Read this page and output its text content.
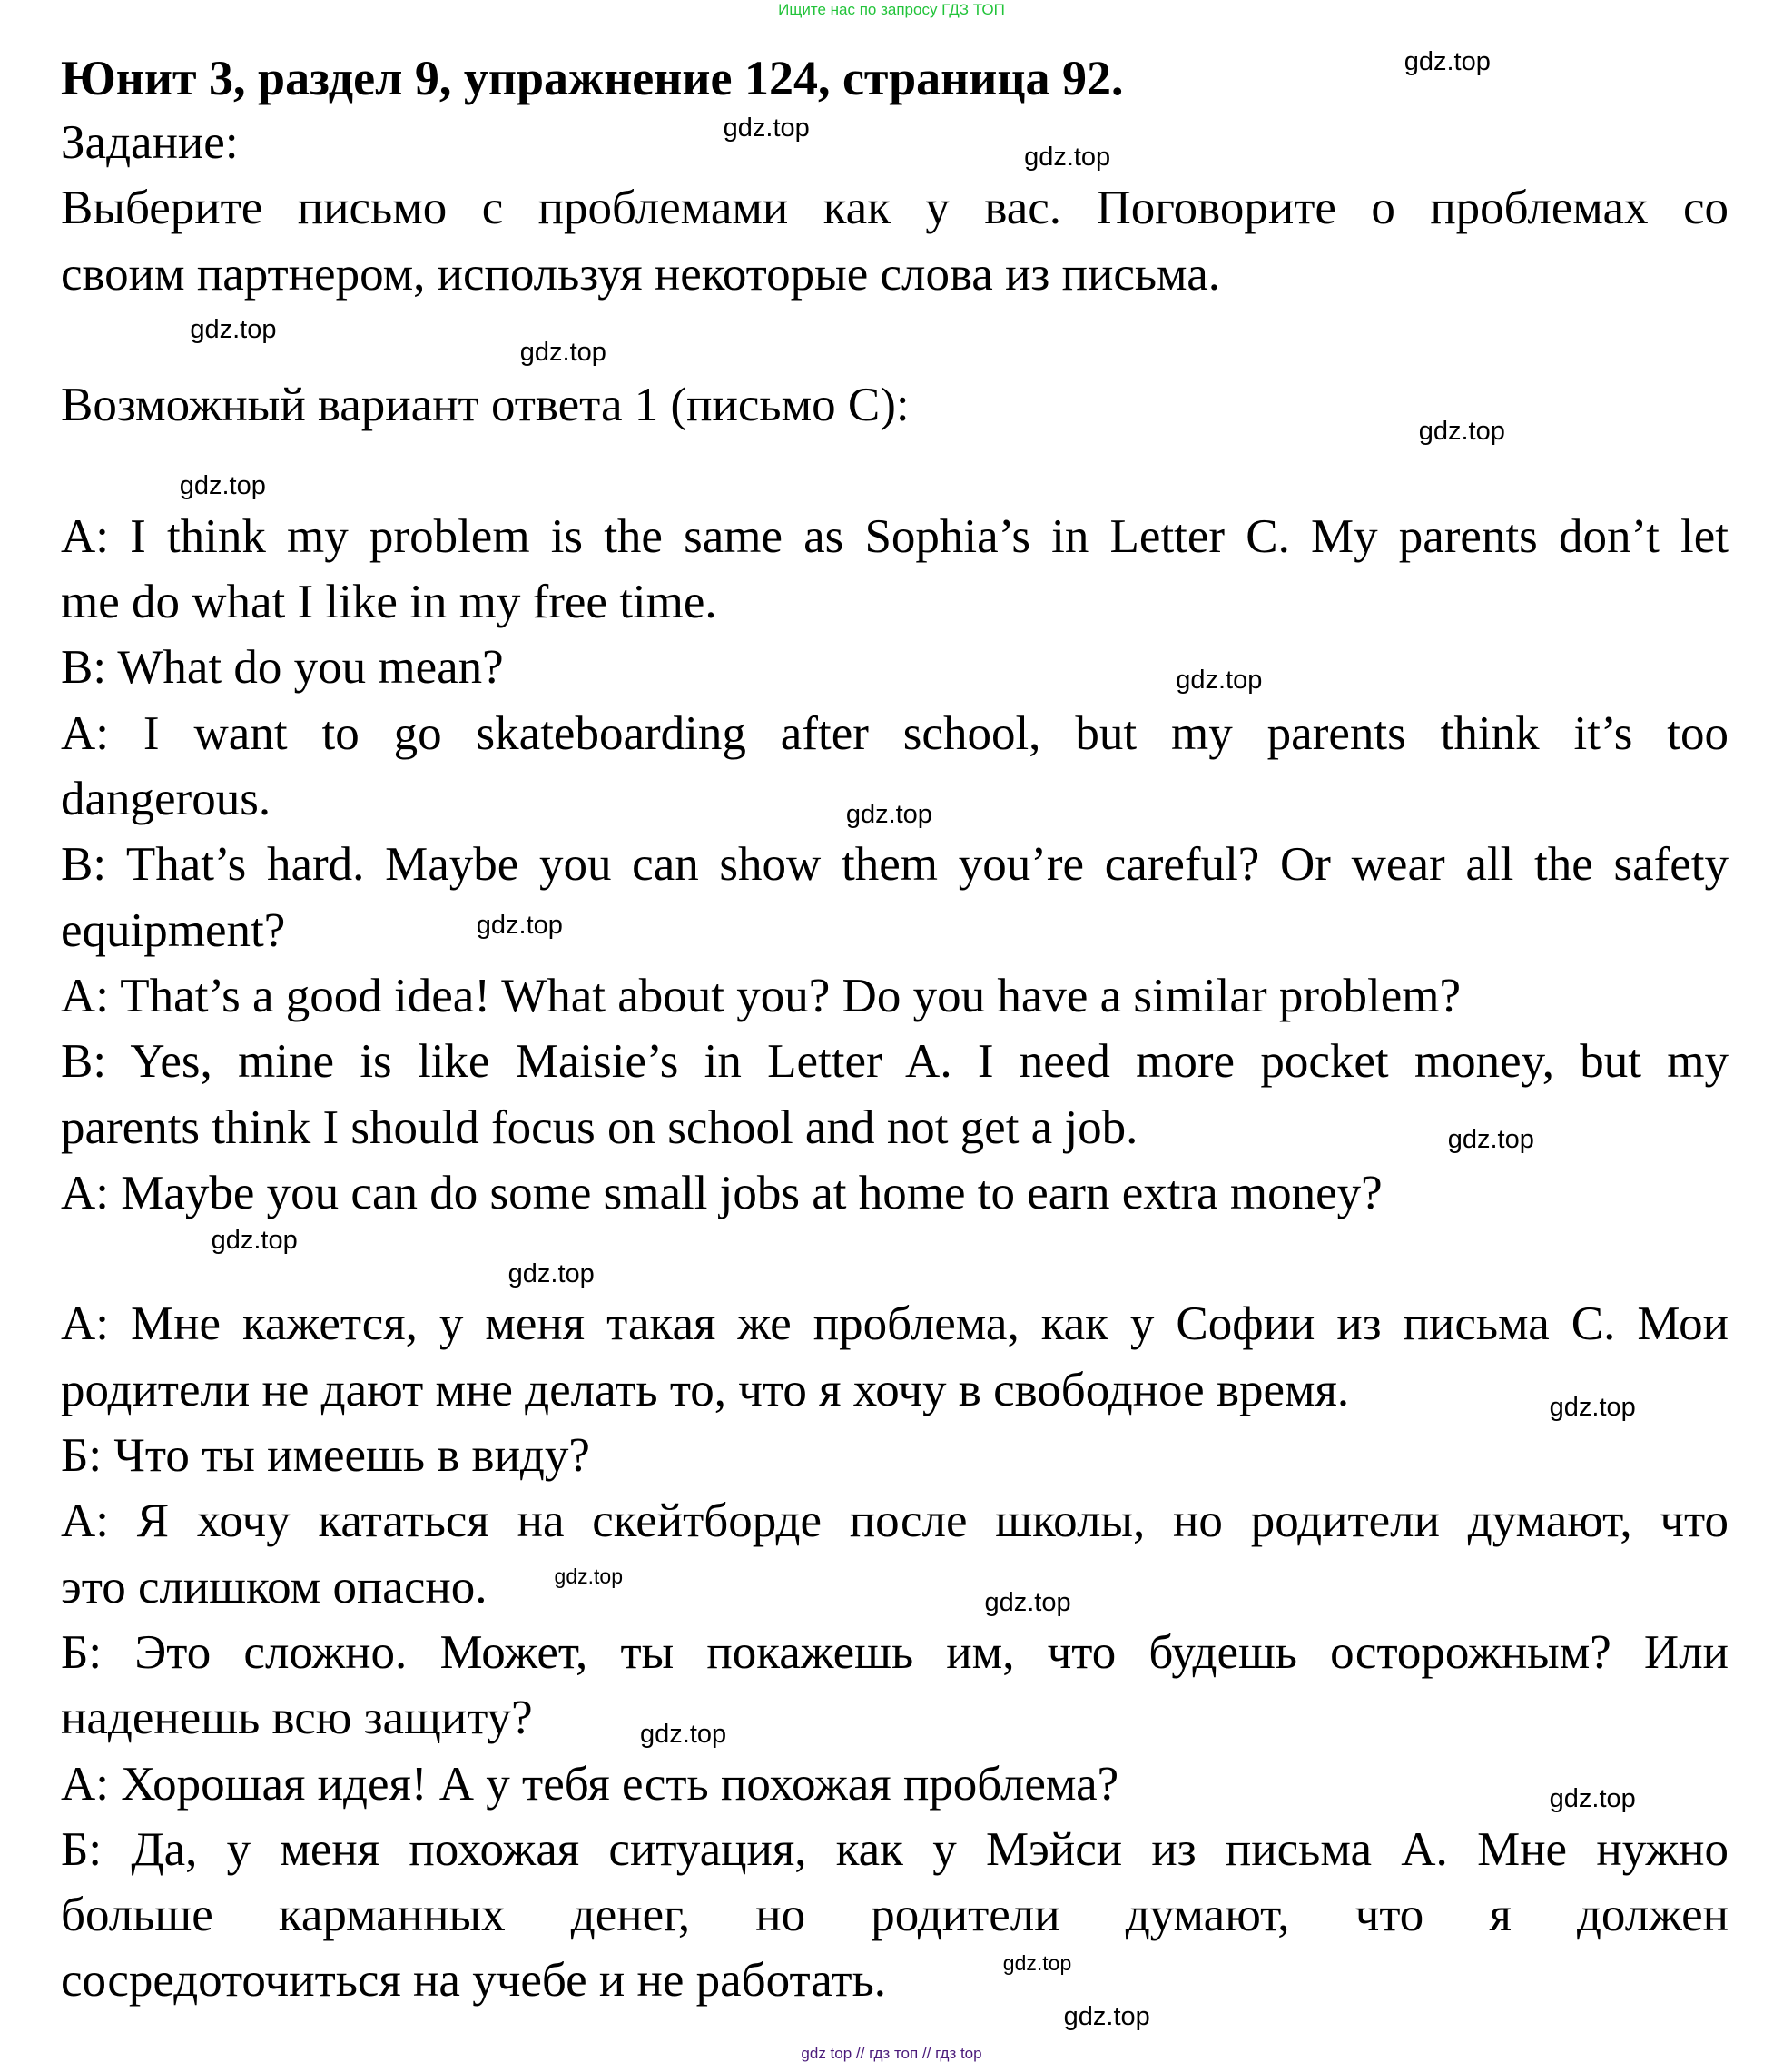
Ищите нас по запросу ГДЗ ТОП
Юнит 3, раздел 9, упражнение 124, страница 92.
Задание:
Выберите письмо с проблемами как у вас. Поговорите о проблемах со
своим партнером, используя некоторые слова из письма.
Возможный вариант ответа 1 (письмо C):
A: I think my problem is the same as Sophia’s in Letter C. My parents don’t let
me do what I like in my free time.
B: What do you mean?
A: I want to go skateboarding after school, but my parents think it’s too
dangerous.
B: That’s hard. Maybe you can show them you’re careful? Or wear all the safety
equipment?
A: That’s a good idea! What about you? Do you have a similar problem?
B: Yes, mine is like Maisie’s in Letter A. I need more pocket money, but my
parents think I should focus on school and not get a job.
A: Maybe you can do some small jobs at home to earn extra money?
А: Мне кажется, у меня такая же проблема, как у Софии из письма С. Мои
родители не дают мне делать то, что я хочу в свободное время.
Б: Что ты имеешь в виду?
А: Я хочу кататься на скейтборде после школы, но родители думают, что
это слишком опасно.
Б: Это сложно. Может, ты покажешь им, что будешь осторожным? Или
наденешь всю защиту?
А: Хорошая идея! А у тебя есть похожая проблема?
Б: Да, у меня похожая ситуация, как у Мэйси из письма А. Мне нужно
больше карманных денег, но родители думают, что я должен
сосредоточиться на учебе и не работать.
gdz.top
gdz.top
gdz.top
gdz.top
gdz.top
gdz.top
gdz.top
gdz.top
gdz.top
gdz.top
gdz.top
gdz.top
gdz.top
gdz.top
gdz.top
gdz.top
gdz.top
gdz.top
gdz.top
gdz.top
gdz top // гдз топ // гдз top
